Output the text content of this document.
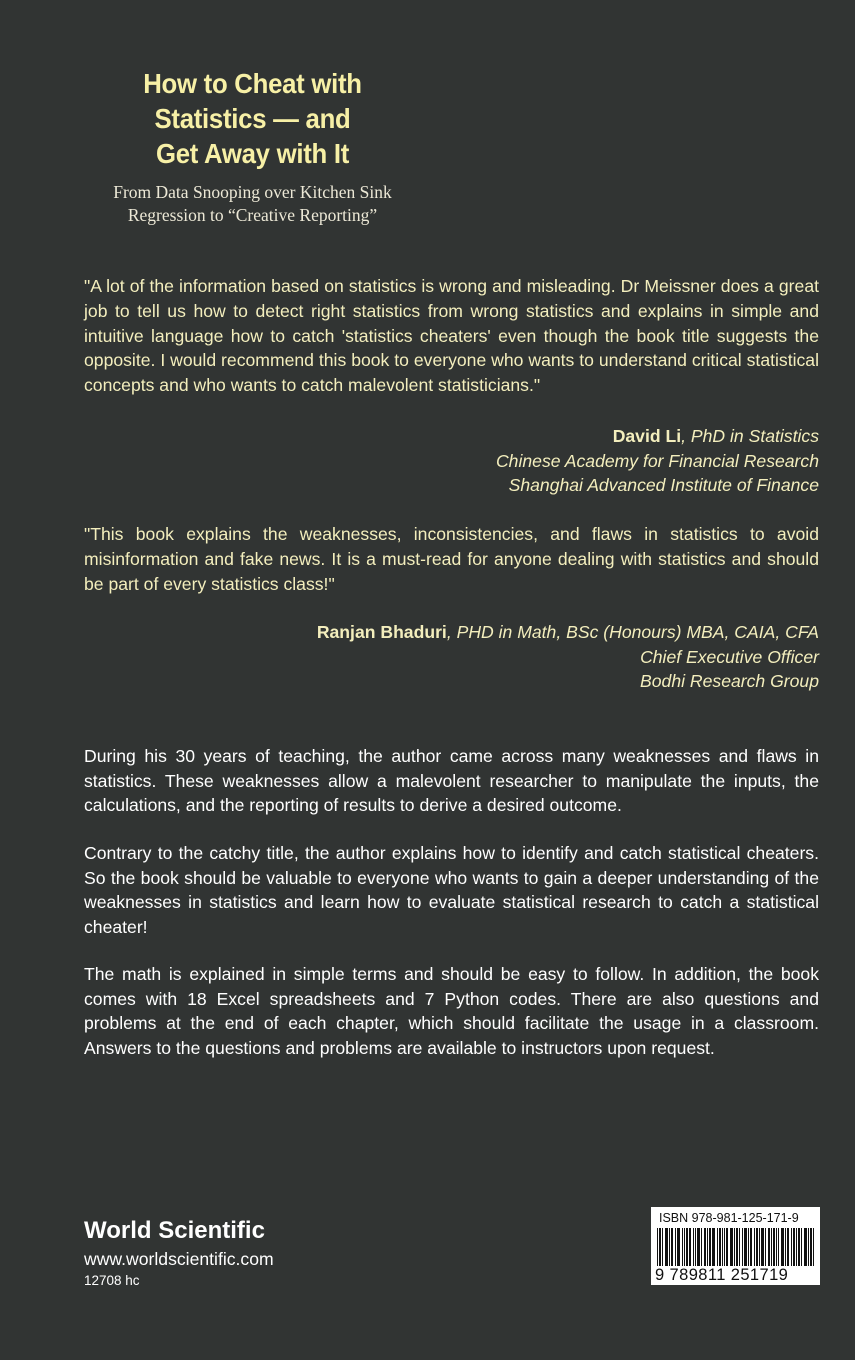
How to Cheat with
Statistics — and
Get Away with It
From Data Snooping over Kitchen Sink
Regression to “Creative Reporting”

"A lot of the information based on statistics is wrong and misleading. Dr Meissner does a great job to tell us how to detect right statistics from wrong statistics and explains in simple and intuitive language how to catch 'statistics cheaters' even though the book title suggests the opposite. I would recommend this book to everyone who wants to understand critical statistical concepts and who wants to catch malevolent statisticians."

David Li, PhD in Statistics
Chinese Academy for Financial Research
Shanghai Advanced Institute of Finance

"This book explains the weaknesses, inconsistencies, and flaws in statistics to avoid misinformation and fake news. It is a must-read for anyone dealing with statistics and should be part of every statistics class!"

Ranjan Bhaduri, PHD in Math, BSc (Honours) MBA, CAIA, CFA
Chief Executive Officer
Bodhi Research Group

During his 30 years of teaching, the author came across many weaknesses and flaws in statistics. These weaknesses allow a malevolent researcher to manipulate the inputs, the calculations, and the reporting of results to derive a desired outcome.

Contrary to the catchy title, the author explains how to identify and catch statistical cheaters. So the book should be valuable to everyone who wants to gain a deeper understanding of the weaknesses in statistics and learn how to evaluate statistical research to catch a statistical cheater!

The math is explained in simple terms and should be easy to follow. In addition, the book comes with 18 Excel spreadsheets and 7 Python codes. There are also questions and problems at the end of each chapter, which should facilitate the usage in a classroom. Answers to the questions and problems are available to instructors upon request.

World Scientific
www.worldscientific.com
12708 hc
ISBN 978-981-125-171-9
9 789811 251719
